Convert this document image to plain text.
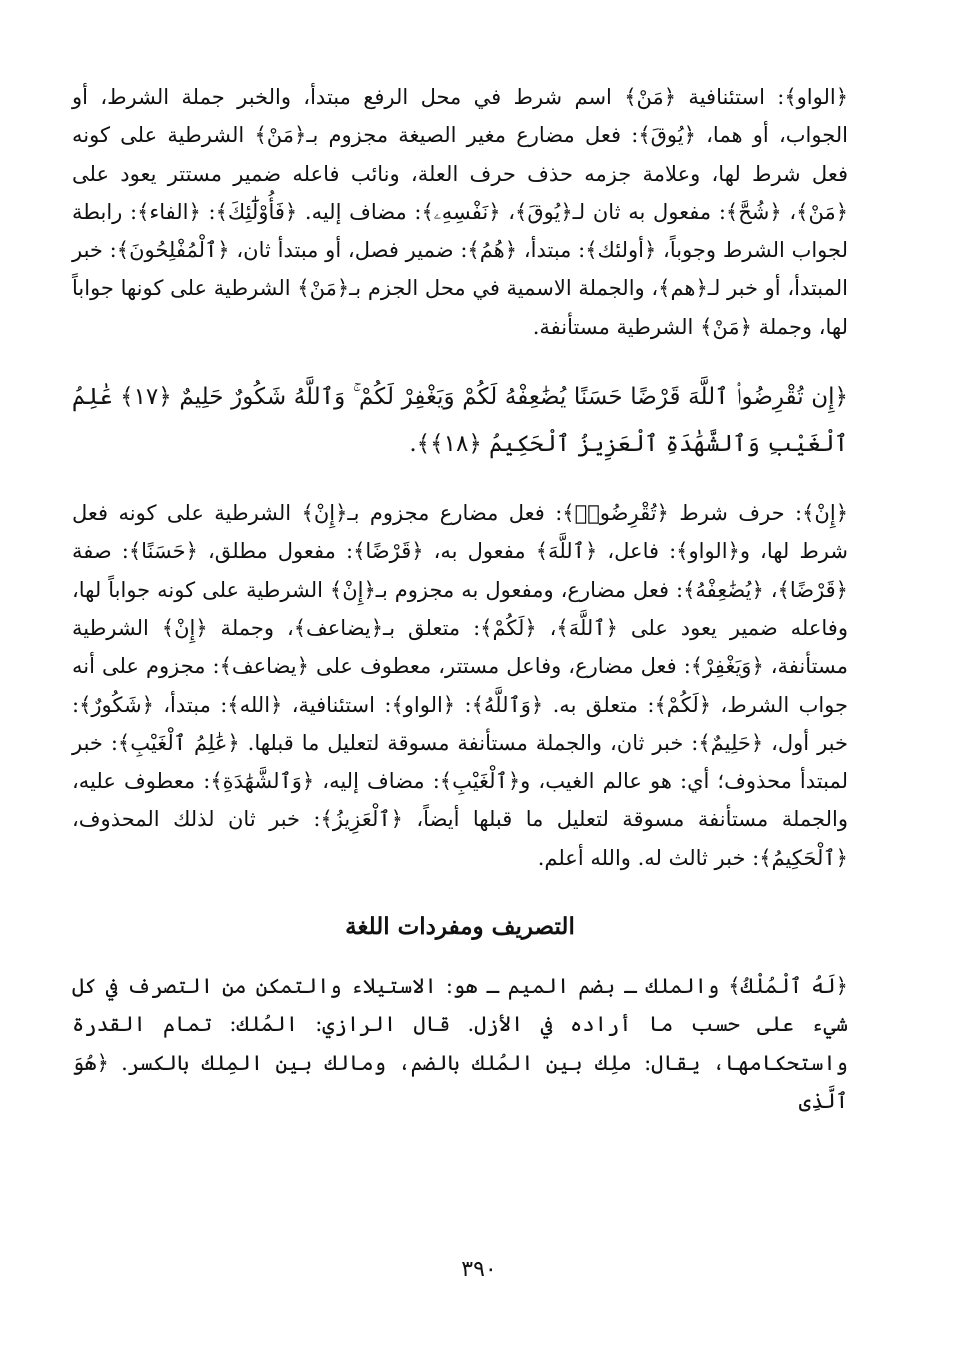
﴿الواو﴾: استئنافية ﴿مَنْ﴾ اسم شرط في محل الرفع مبتدأ، والخبر جملة الشرط، أو الجواب، أو هما، ﴿يُوقَ﴾: فعل مضارع مغير الصيغة مجزوم بـ﴿مَنْ﴾ الشرطية على كونه فعل شرط لها، وعلامة جزمه حذف حرف العلة، ونائب فاعله ضمير مستتر يعود على ﴿مَنْ﴾، ﴿شُحَّ﴾: مفعول به ثان لـ﴿يُوقَ﴾، ﴿نَفْسِهِۦ﴾: مضاف إليه. ﴿فَأُوْلَٰٓئِكَ﴾: ﴿الفاء﴾: رابطة لجواب الشرط وجوباً، ﴿أولئك﴾: مبتدأ، ﴿هُمُ﴾: ضمير فصل، أو مبتدأ ثان، ﴿ٱلْمُفْلِحُونَ﴾: خبر المبتدأ، أو خبر لـ﴿هم﴾، والجملة الاسمية في محل الجزم بـ﴿مَنْ﴾ الشرطية على كونها جواباً لها، وجملة ﴿مَنْ﴾ الشرطية مستأنفة.

﴿إِن تُقْرِضُوا۟ ٱللَّهَ قَرْضًا حَسَنًا يُضَٰعِفْهُ لَكُمْ وَيَغْفِرْ لَكُمْ ۚ وَٱللَّهُ شَكُورٌ حَلِيمٌ ﴿١٧﴾ عَٰلِمُ ٱلْغَيْبِ وَٱلشَّهَٰدَةِ ٱلْعَزِيزُ ٱلْحَكِيمُ ﴿١٨﴾﴾.

﴿إِنْ﴾: حرف شرط ﴿تُقْرِضُوا۟﴾: فعل مضارع مجزوم بـ﴿إِنْ﴾ الشرطية على كونه فعل شرط لها، و﴿الواو﴾: فاعل، ﴿ٱللَّهَ﴾ مفعول به، ﴿قَرْضًا﴾: مفعول مطلق، ﴿حَسَنًا﴾: صفة ﴿قَرْضًا﴾، ﴿يُضَٰعِفْهُ﴾: فعل مضارع، ومفعول به مجزوم بـ﴿إِنْ﴾ الشرطية على كونه جواباً لها، وفاعله ضمير يعود على ﴿ٱللَّهَ﴾، ﴿لَكُمْ﴾: متعلق بـ﴿يضاعف﴾، وجملة ﴿إِنْ﴾ الشرطية مستأنفة، ﴿وَيَغْفِرْ﴾: فعل مضارع، وفاعل مستتر، معطوف على ﴿يضاعف﴾: مجزوم على أنه جواب الشرط، ﴿لَكُمْ﴾: متعلق به. ﴿وَٱللَّهُ﴾: ﴿الواو﴾: استئنافية، ﴿الله﴾: مبتدأ، ﴿شَكُورٌ﴾: خبر أول، ﴿حَلِيمٌ﴾: خبر ثان، والجملة مستأنفة مسوقة لتعليل ما قبلها. ﴿عَٰلِمُ ٱلْغَيْبِ﴾: خبر لمبتدأ محذوف؛ أي: هو عالم الغيب، و﴿ٱلْغَيْبِ﴾: مضاف إليه، ﴿وَٱلشَّهَٰدَةِ﴾: معطوف عليه، والجملة مستأنفة مسوقة لتعليل ما قبلها أيضاً، ﴿ٱلْعَزِيزُ﴾: خبر ثان لذلك المحذوف، ﴿ٱلْحَكِيمُ﴾: خبر ثالث له. والله أعلم.

التصريف ومفردات اللغة

﴿لَهُ ٱلْمُلْكُ﴾ والملك ـ بضم الميم ـ هو: الاستيلاء والتمكن من التصرف في كل شيء على حسب ما أراده في الأزل. قال الرازي: المُلك: تمام القدرة واستحكامها، يقال: ملِك بين المُلك بالضم، ومالك بين المِلك بالكسر. ﴿هُوَ ٱلَّذِى

٣٩٠
